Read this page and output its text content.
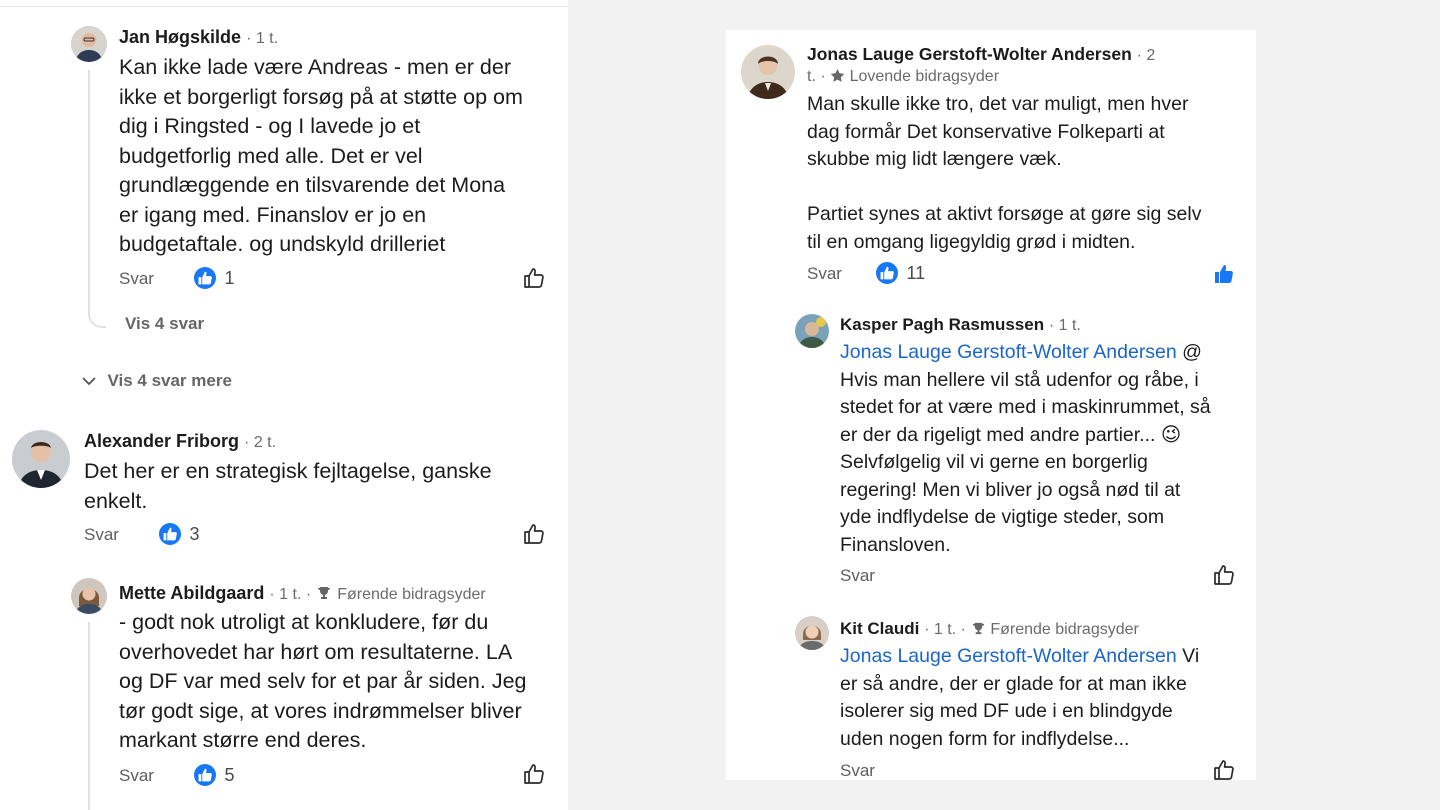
Jan Høgskilde · 1 t.
Kan ikke lade være Andreas - men er der
ikke et borgerligt forsøg på at støtte op om
dig i Ringsted - og I lavede jo et
budgetforlig med alle. Det er vel
grundlæggende en tilsvarende det Mona
er igang med. Finanslov er jo en
budgetaftale. og undskyld drilleriet
Svar	1
Vis 4 svar
Vis 4 svar mere
Alexander Friborg · 2 t.
Det her er en strategisk fejltagelse, ganske
enkelt.
Svar	3
Mette Abildgaard · 1 t. · Førende bidragsyder
- godt nok utroligt at konkludere, før du
overhovedet har hørt om resultaterne. LA
og DF var med selv for et par år siden. Jeg
tør godt sige, at vores indrømmelser bliver
markant større end deres.
Svar	5
Jonas Lauge Gerstoft-Wolter Andersen · 2
t. · Lovende bidragsyder
Man skulle ikke tro, det var muligt, men hver
dag formår Det konservative Folkeparti at
skubbe mig lidt længere væk.
Partiet synes at aktivt forsøge at gøre sig selv
til en omgang ligegyldig grød i midten.
Svar	11
Kasper Pagh Rasmussen · 1 t.
Jonas Lauge Gerstoft-Wolter Andersen @
Hvis man hellere vil stå udenfor og råbe, i
stedet for at være med i maskinrummet, så
er der da rigeligt med andre partier... 😉
Selvfølgelig vil vi gerne en borgerlig
regering! Men vi bliver jo også nød til at
yde indflydelse de vigtige steder, som
Finansloven.
Svar
Kit Claudi · 1 t. · Førende bidragsyder
Jonas Lauge Gerstoft-Wolter Andersen Vi
er så andre, der er glade for at man ikke
isolerer sig med DF ude i en blindgyde
uden nogen form for indflydelse...
Svar
